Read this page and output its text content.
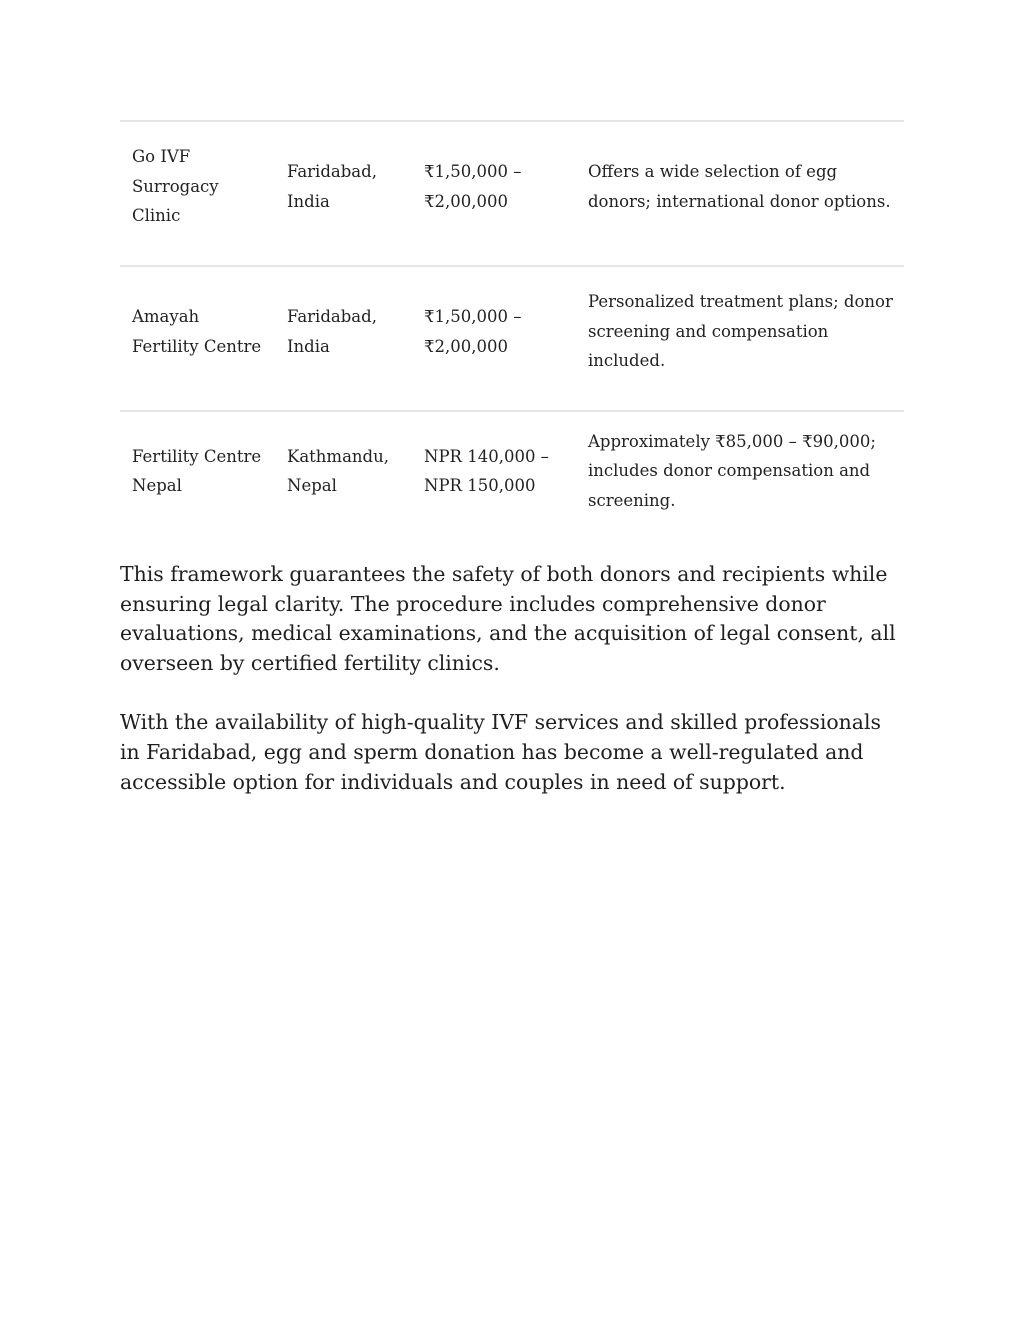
Go IVF Surrogacy Clinic	Faridabad, India	₹1,50,000 – ₹2,00,000	Offers a wide selection of egg donors; international donor options.
Amayah Fertility Centre	Faridabad, India	₹1,50,000 – ₹2,00,000	Personalized treatment plans; donor screening and compensation included.
Fertility Centre Nepal	Kathmandu, Nepal	NPR 140,000 – NPR 150,000	Approximately ₹85,000 – ₹90,000; includes donor compensation and screening.

This framework guarantees the safety of both donors and recipients while ensuring legal clarity. The procedure includes comprehensive donor evaluations, medical examinations, and the acquisition of legal consent, all overseen by certified fertility clinics.

With the availability of high-quality IVF services and skilled professionals in Faridabad, egg and sperm donation has become a well-regulated and accessible option for individuals and couples in need of support.
